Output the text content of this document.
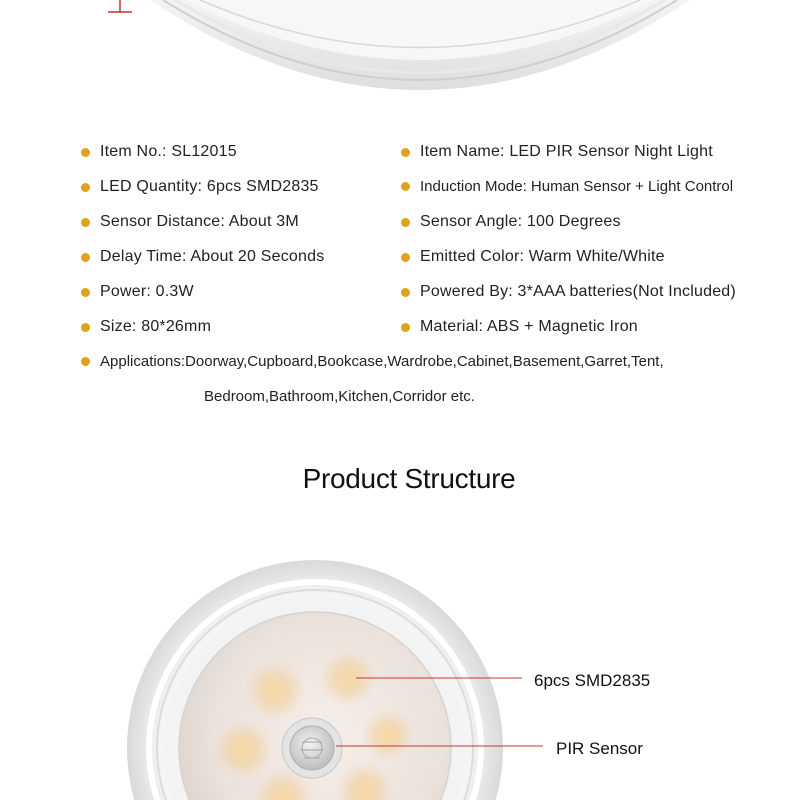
Item No.: SL12015
LED Quantity: 6pcs SMD2835
Sensor Distance: About 3M
Delay Time: About 20 Seconds
Power: 0.3W
Size: 80*26mm
Item Name: LED PIR Sensor Night Light
Induction Mode: Human Sensor + Light Control
Sensor Angle: 100 Degrees
Emitted Color: Warm White/White
Powered By: 3*AAA batteries(Not Included)
Material: ABS + Magnetic Iron
Applications:Doorway,Cupboard,Bookcase,Wardrobe,Cabinet,Basement,Garret,Tent,
Bedroom,Bathroom,Kitchen,Corridor etc.
Product Structure
6pcs SMD2835
PIR Sensor
